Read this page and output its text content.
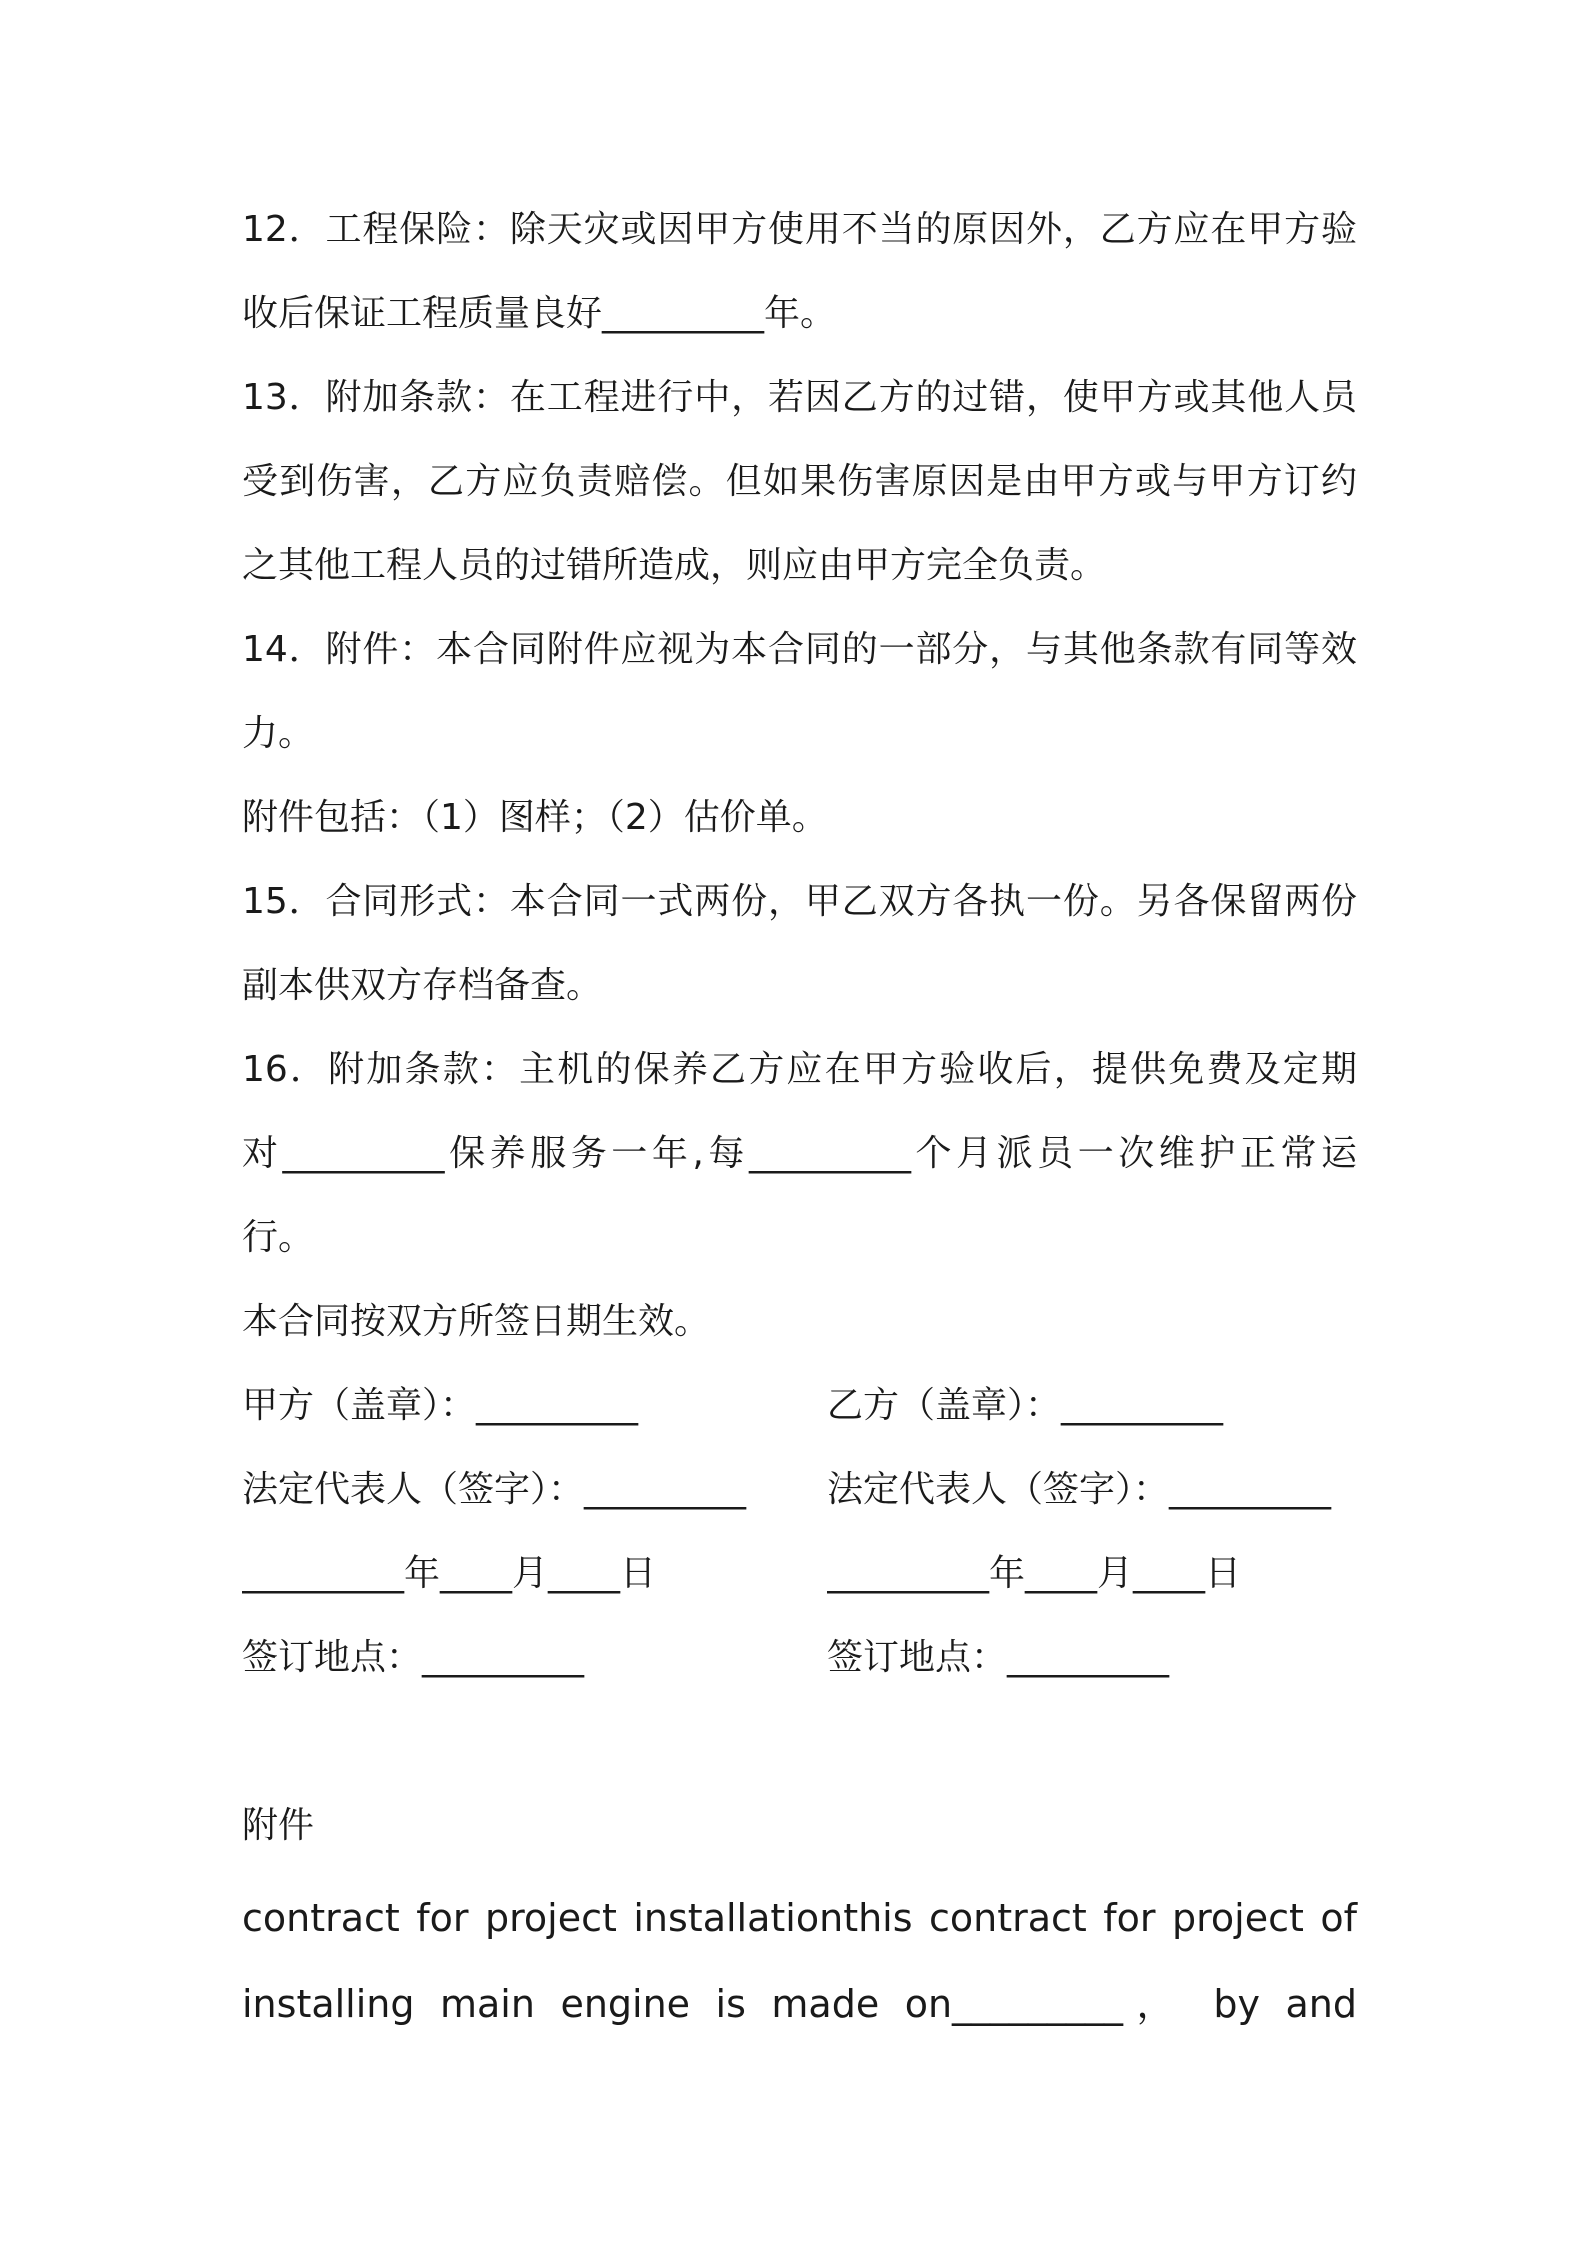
12．工程保险：除天灾或因甲方使用不当的原因外，乙方应在甲方验
收后保证工程质量良好_________年。
13．附加条款：在工程进行中，若因乙方的过错，使甲方或其他人员
受到伤害，乙方应负责赔偿。但如果伤害原因是由甲方或与甲方订约
之其他工程人员的过错所造成，则应由甲方完全负责。
14．附件：本合同附件应视为本合同的一部分，与其他条款有同等效
力。
附件包括：（1）图样；（2）估价单。
15．合同形式：本合同一式两份，甲乙双方各执一份。另各保留两份
副本供双方存档备查。
16．附加条款：主机的保养乙方应在甲方验收后，提供免费及定期
对_________保养服务一年,每_________个月派员一次维护正常运
行。
本合同按双方所签日期生效。
甲方（盖章）：_________	乙方（盖章）：_________
法定代表人（签字）：_________	法定代表人（签字）：_________
_________年____月____日	_________年____月____日
签订地点：_________	签订地点：_________
附件
contract for project installationthis contract for project of
installing main engine is made on_________， by and
